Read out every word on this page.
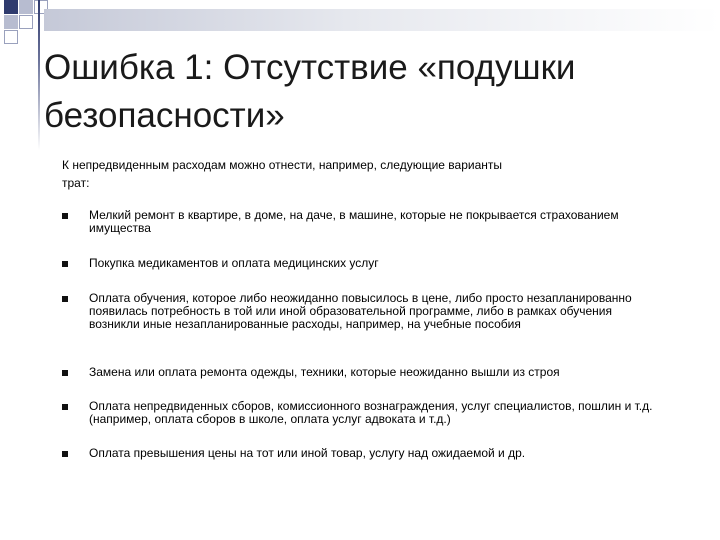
Ошибка 1: Отсутствие «подушки безопасности»

К непредвиденным расходам можно отнести, например, следующие варианты трат:

Мелкий ремонт в квартире, в доме, на даче, в машине, которые не покрывается страхованием имущества
Покупка медикаментов и оплата медицинских услуг
Оплата обучения, которое либо неожиданно повысилось в цене, либо просто незапланированно появилась потребность в той или иной образовательной программе, либо в рамках обучения возникли иные незапланированные расходы, например, на учебные пособия
Замена или оплата ремонта одежды, техники, которые неожиданно вышли из строя
Оплата непредвиденных сборов, комиссионного вознаграждения, услуг специалистов, пошлин и т.д. (например, оплата сборов в школе, оплата услуг адвоката и т.д.)
Оплата превышения цены на тот или иной товар, услугу над ожидаемой и др.
